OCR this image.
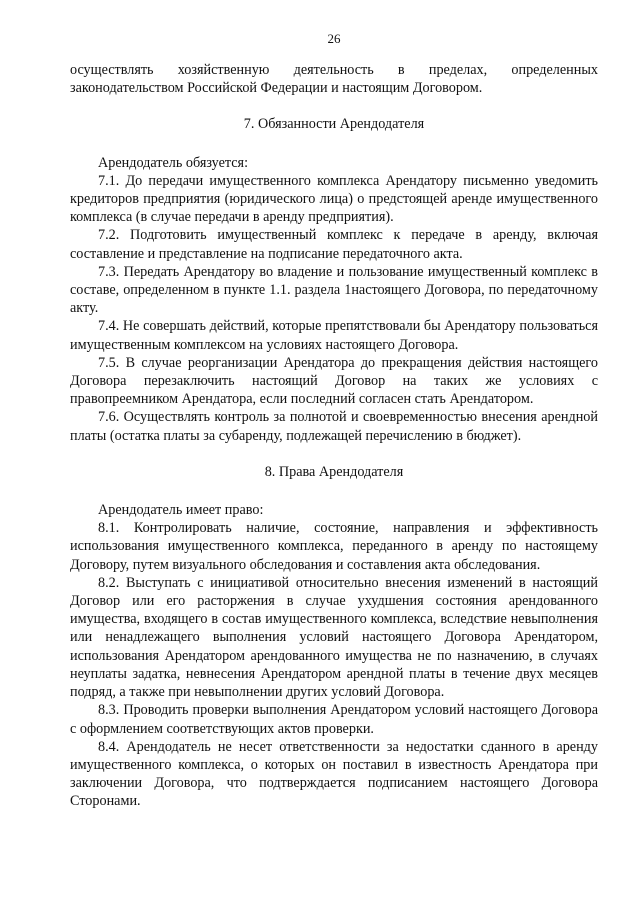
26

осуществлять хозяйственную деятельность в пределах, определенных законодательством Российской Федерации и настоящим Договором.

7. Обязанности Арендодателя

Арендодатель обязуется:

7.1. До передачи имущественного комплекса Арендатору письменно уведомить кредиторов предприятия (юридического лица) о предстоящей аренде имущественного комплекса (в случае передачи в аренду предприятия).

7.2. Подготовить имущественный комплекс к передаче в аренду, включая составление и представление на подписание передаточного акта.

7.3. Передать Арендатору во владение и пользование имущественный комплекс в составе, определенном в пункте 1.1. раздела 1настоящего Договора, по передаточному акту.

7.4. Не совершать действий, которые препятствовали бы Арендатору пользоваться имущественным комплексом на условиях настоящего Договора.

7.5. В случае реорганизации Арендатора до прекращения действия настоящего Договора перезаключить настоящий Договор на таких же условиях с правопреемником Арендатора, если последний согласен стать Арендатором.

7.6. Осуществлять контроль за полнотой и своевременностью внесения арендной платы (остатка платы за субаренду, подлежащей перечислению в бюджет).

8. Права Арендодателя

Арендодатель имеет право:

8.1. Контролировать наличие, состояние, направления и эффективность использования имущественного комплекса, переданного в аренду по настоящему Договору, путем визуального обследования и составления акта обследования.

8.2. Выступать с инициативой относительно внесения изменений в настоящий Договор или его расторжения в случае ухудшения состояния арендованного имущества, входящего в состав имущественного комплекса, вследствие невыполнения или ненадлежащего выполнения условий настоящего Договора Арендатором, использования Арендатором арендованного имущества не по назначению, в случаях неуплаты задатка, невнесения Арендатором арендной платы в течение двух месяцев подряд, а также при невыполнении других условий Договора.

8.3. Проводить проверки выполнения Арендатором условий настоящего Договора с оформлением соответствующих актов проверки.

8.4. Арендодатель не несет ответственности за недостатки сданного в аренду имущественного комплекса, о которых он поставил в известность Арендатора при заключении Договора, что подтверждается подписанием настоящего Договора Сторонами.
